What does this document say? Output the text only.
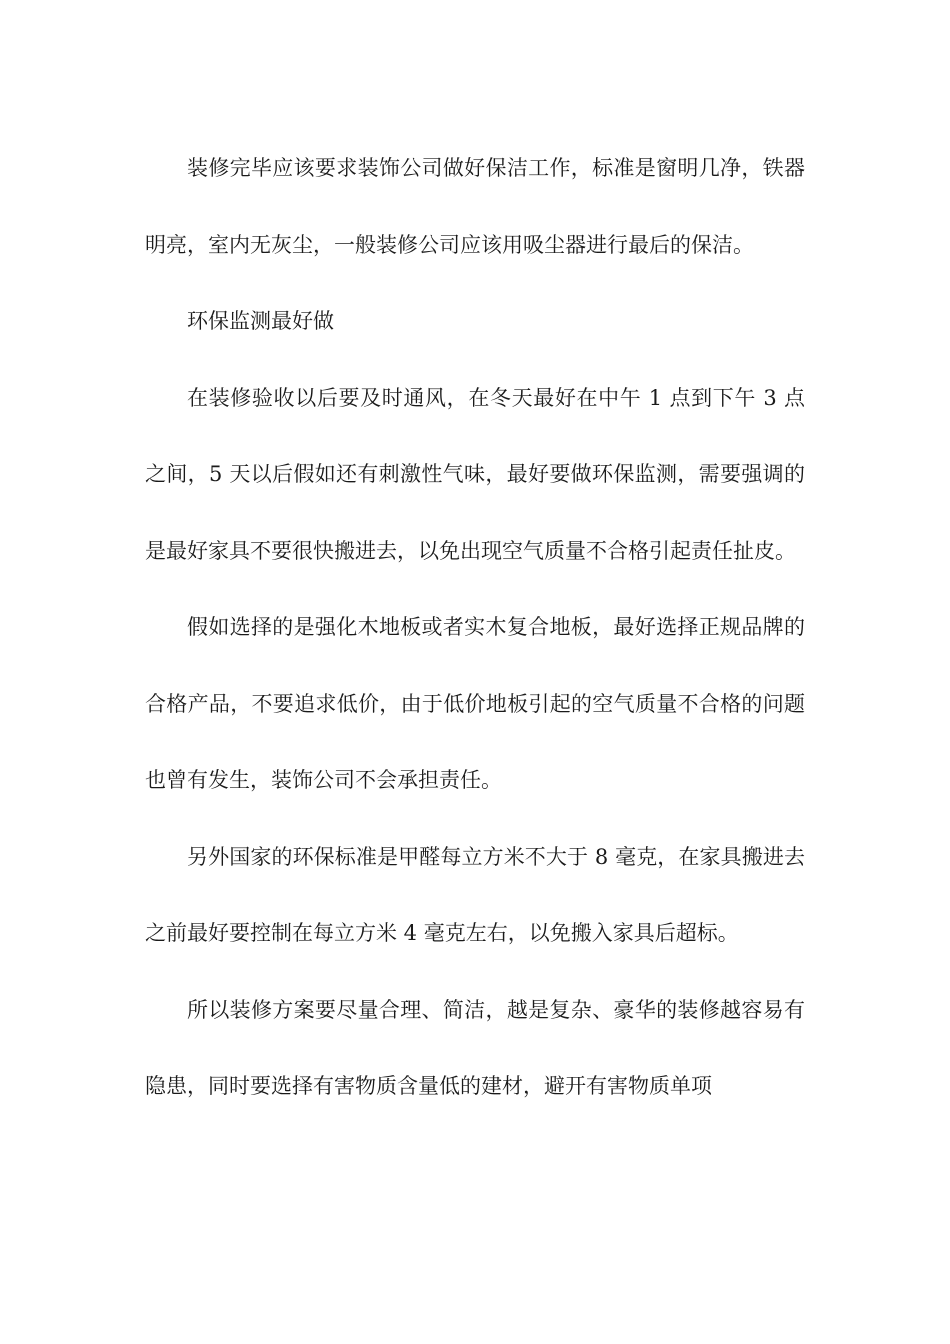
装修完毕应该要求装饰公司做好保洁工作，标准是窗明几净，铁器明亮，室内无灰尘，一般装修公司应该用吸尘器进行最后的保洁。

环保监测最好做

在装修验收以后要及时通风，在冬天最好在中午 1 点到下午 3 点之间，5 天以后假如还有刺激性气味，最好要做环保监测，需要强调的是最好家具不要很快搬进去，以免出现空气质量不合格引起责任扯皮。

假如选择的是强化木地板或者实木复合地板，最好选择正规品牌的合格产品，不要追求低价，由于低价地板引起的空气质量不合格的问题也曾有发生，装饰公司不会承担责任。

另外国家的环保标准是甲醛每立方米不大于 8 毫克，在家具搬进去之前最好要控制在每立方米 4 毫克左右，以免搬入家具后超标。

所以装修方案要尽量合理、简洁，越是复杂、豪华的装修越容易有隐患，同时要选择有害物质含量低的建材，避开有害物质单项
